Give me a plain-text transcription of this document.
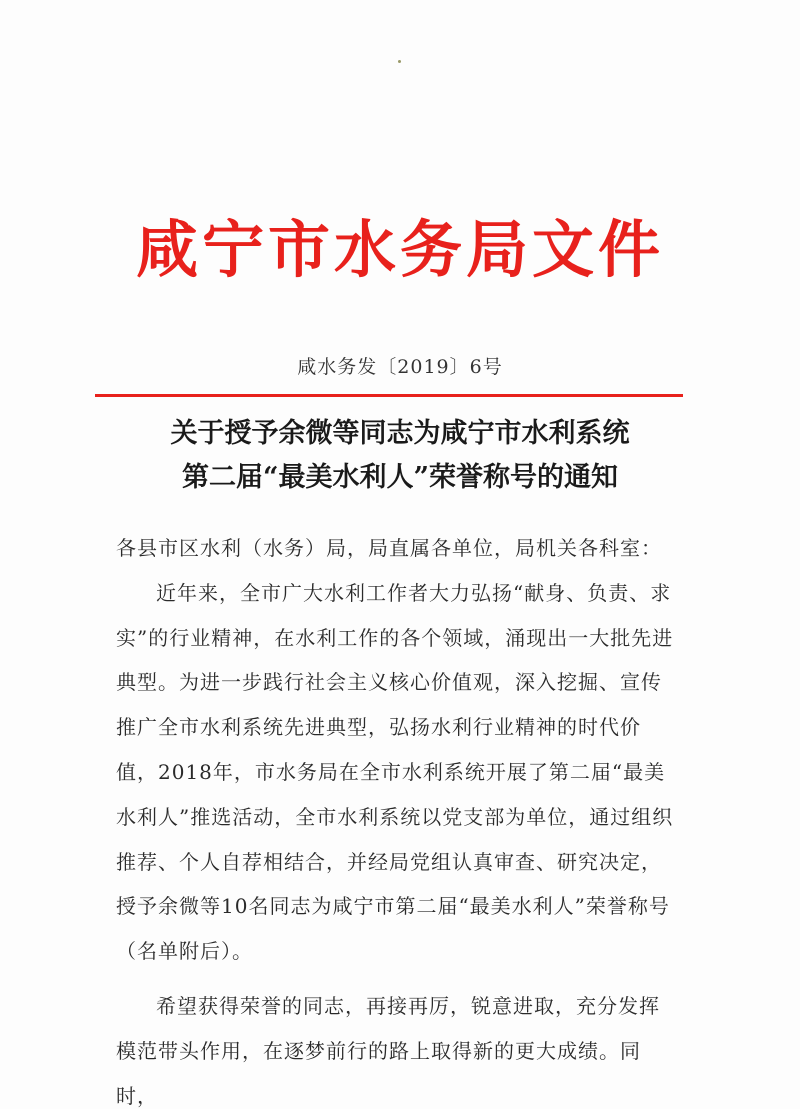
咸宁市水务局文件
咸水务发〔2019〕6号
关于授予余微等同志为咸宁市水利系统
第二届“最美水利人”荣誉称号的通知

各县市区水利（水务）局，局直属各单位，局机关各科室：

近年来，全市广大水利工作者大力弘扬“献身、负责、求实”的行业精神，在水利工作的各个领域，涌现出一大批先进典型。为进一步践行社会主义核心价值观，深入挖掘、宣传推广全市水利系统先进典型，弘扬水利行业精神的时代价值，2018年，市水务局在全市水利系统开展了第二届“最美水利人”推选活动，全市水利系统以党支部为单位，通过组织推荐、个人自荐相结合，并经局党组认真审查、研究决定，授予余微等10名同志为咸宁市第二届“最美水利人”荣誉称号（名单附后）。

希望获得荣誉的同志，再接再厉，锐意进取，充分发挥模范带头作用，在逐梦前行的路上取得新的更大成绩。同时，
